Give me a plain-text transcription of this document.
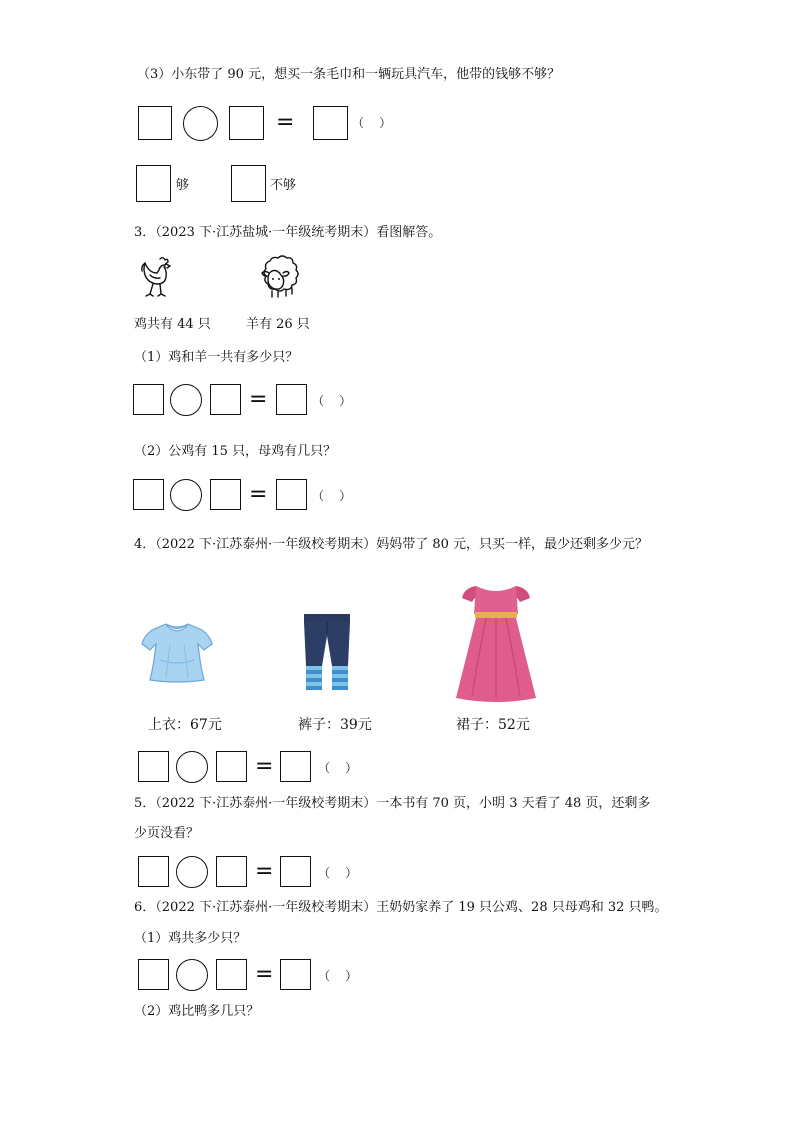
（3）小东带了 90 元，想买一条毛巾和一辆玩具汽车，他带的钱够不够？
=	（    ）
够	不够
3．（2023 下·江苏盐城·一年级统考期末）看图解答。
鸡共有 44 只	羊有 26 只
（1）鸡和羊一共有多少只？
=	（    ）
（2）公鸡有 15 只，母鸡有几只？
=	（    ）
4．（2022 下·江苏泰州·一年级校考期末）妈妈带了 80 元，只买一样，最少还剩多少元？
上衣：67元	裤子：39元	裙子：52元
=	（    ）
5．（2022 下·江苏泰州·一年级校考期末）一本书有 70 页，小明 3 天看了 48 页，还剩多
少页没看？
=	（    ）
6．（2022 下·江苏泰州·一年级校考期末）王奶奶家养了 19 只公鸡、28 只母鸡和 32 只鸭。
（1）鸡共多少只？
=	（    ）
（2）鸡比鸭多几只？
